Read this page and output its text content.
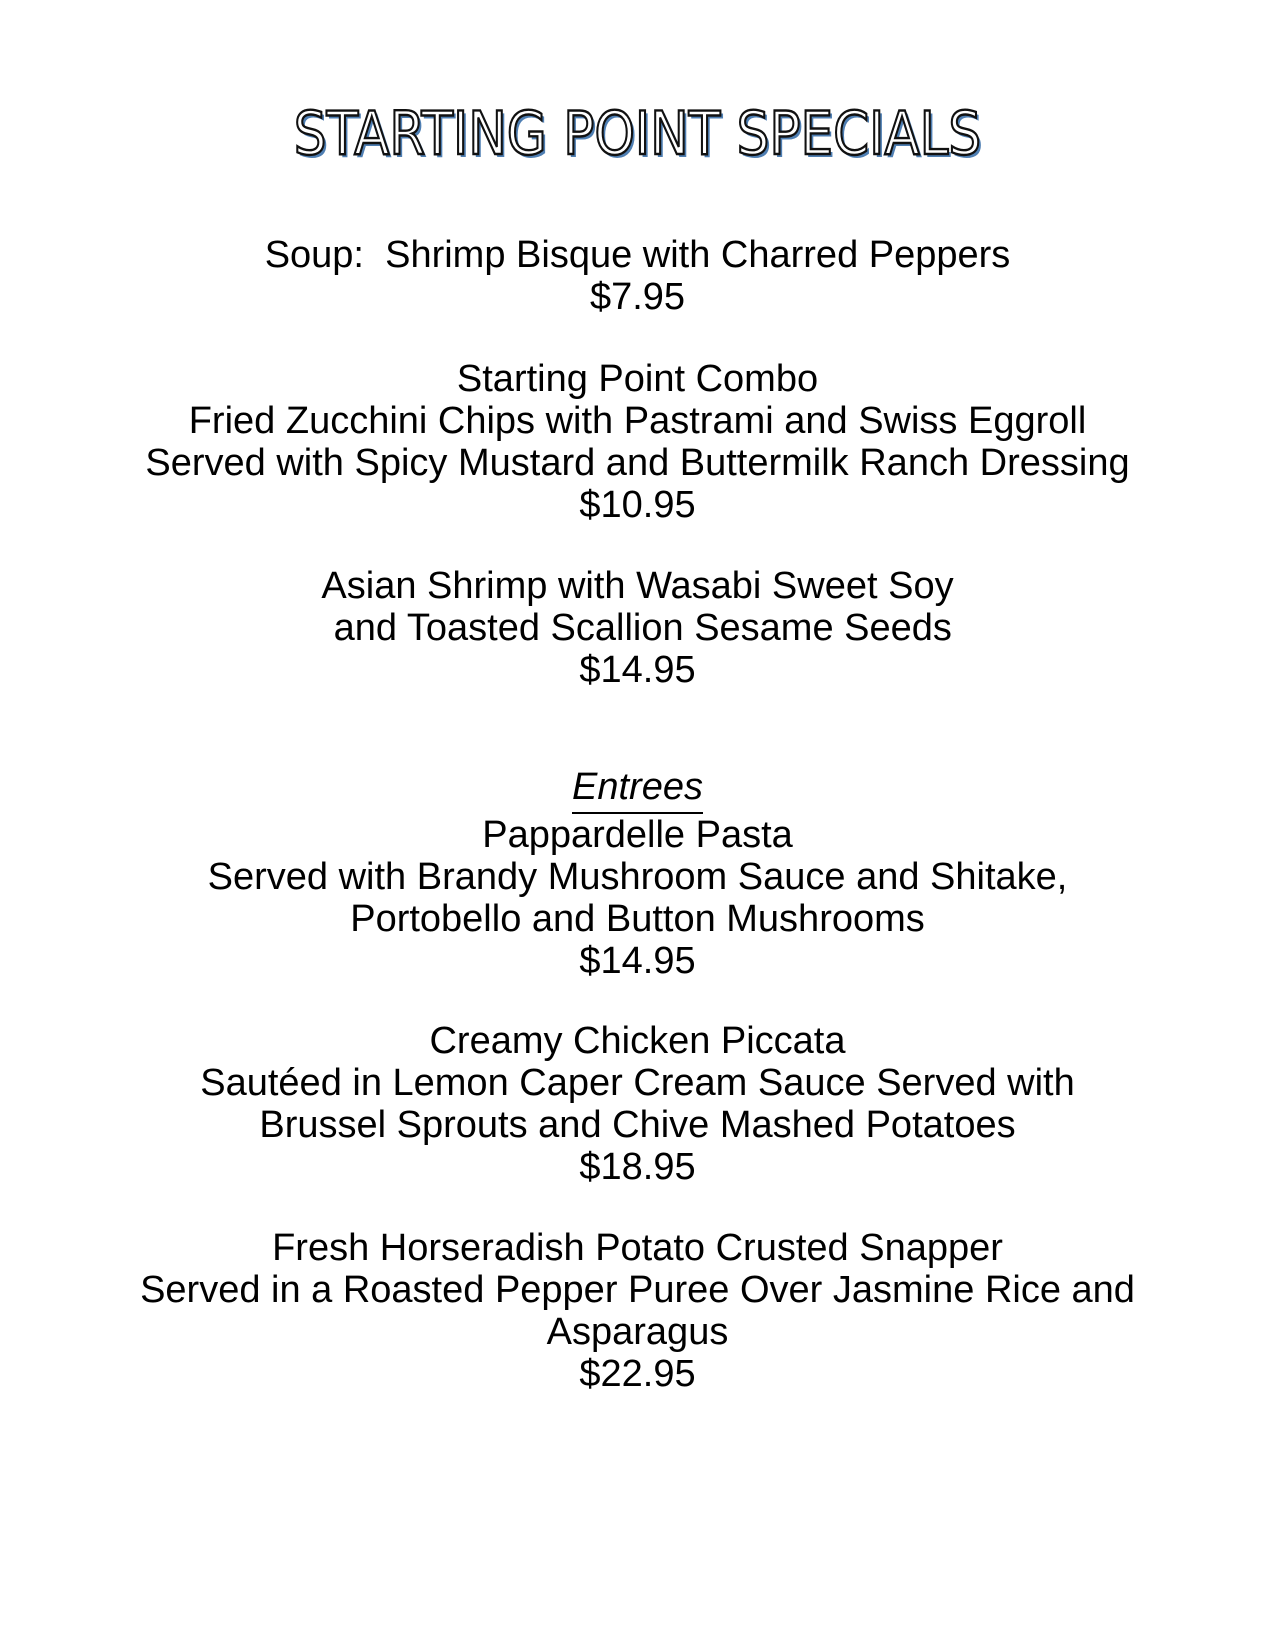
STARTING POINT SPECIALS
Soup:  Shrimp Bisque with Charred Peppers
$7.95
Starting Point Combo
Fried Zucchini Chips with Pastrami and Swiss Eggroll
Served with Spicy Mustard and Buttermilk Ranch Dressing
$10.95
Asian Shrimp with Wasabi Sweet Soy
and Toasted Scallion Sesame Seeds
$14.95
Entrees
Pappardelle Pasta
Served with Brandy Mushroom Sauce and Shitake,
Portobello and Button Mushrooms
$14.95
Creamy Chicken Piccata
Sautéed in Lemon Caper Cream Sauce Served with
Brussel Sprouts and Chive Mashed Potatoes
$18.95
Fresh Horseradish Potato Crusted Snapper
Served in a Roasted Pepper Puree Over Jasmine Rice and
Asparagus
$22.95
